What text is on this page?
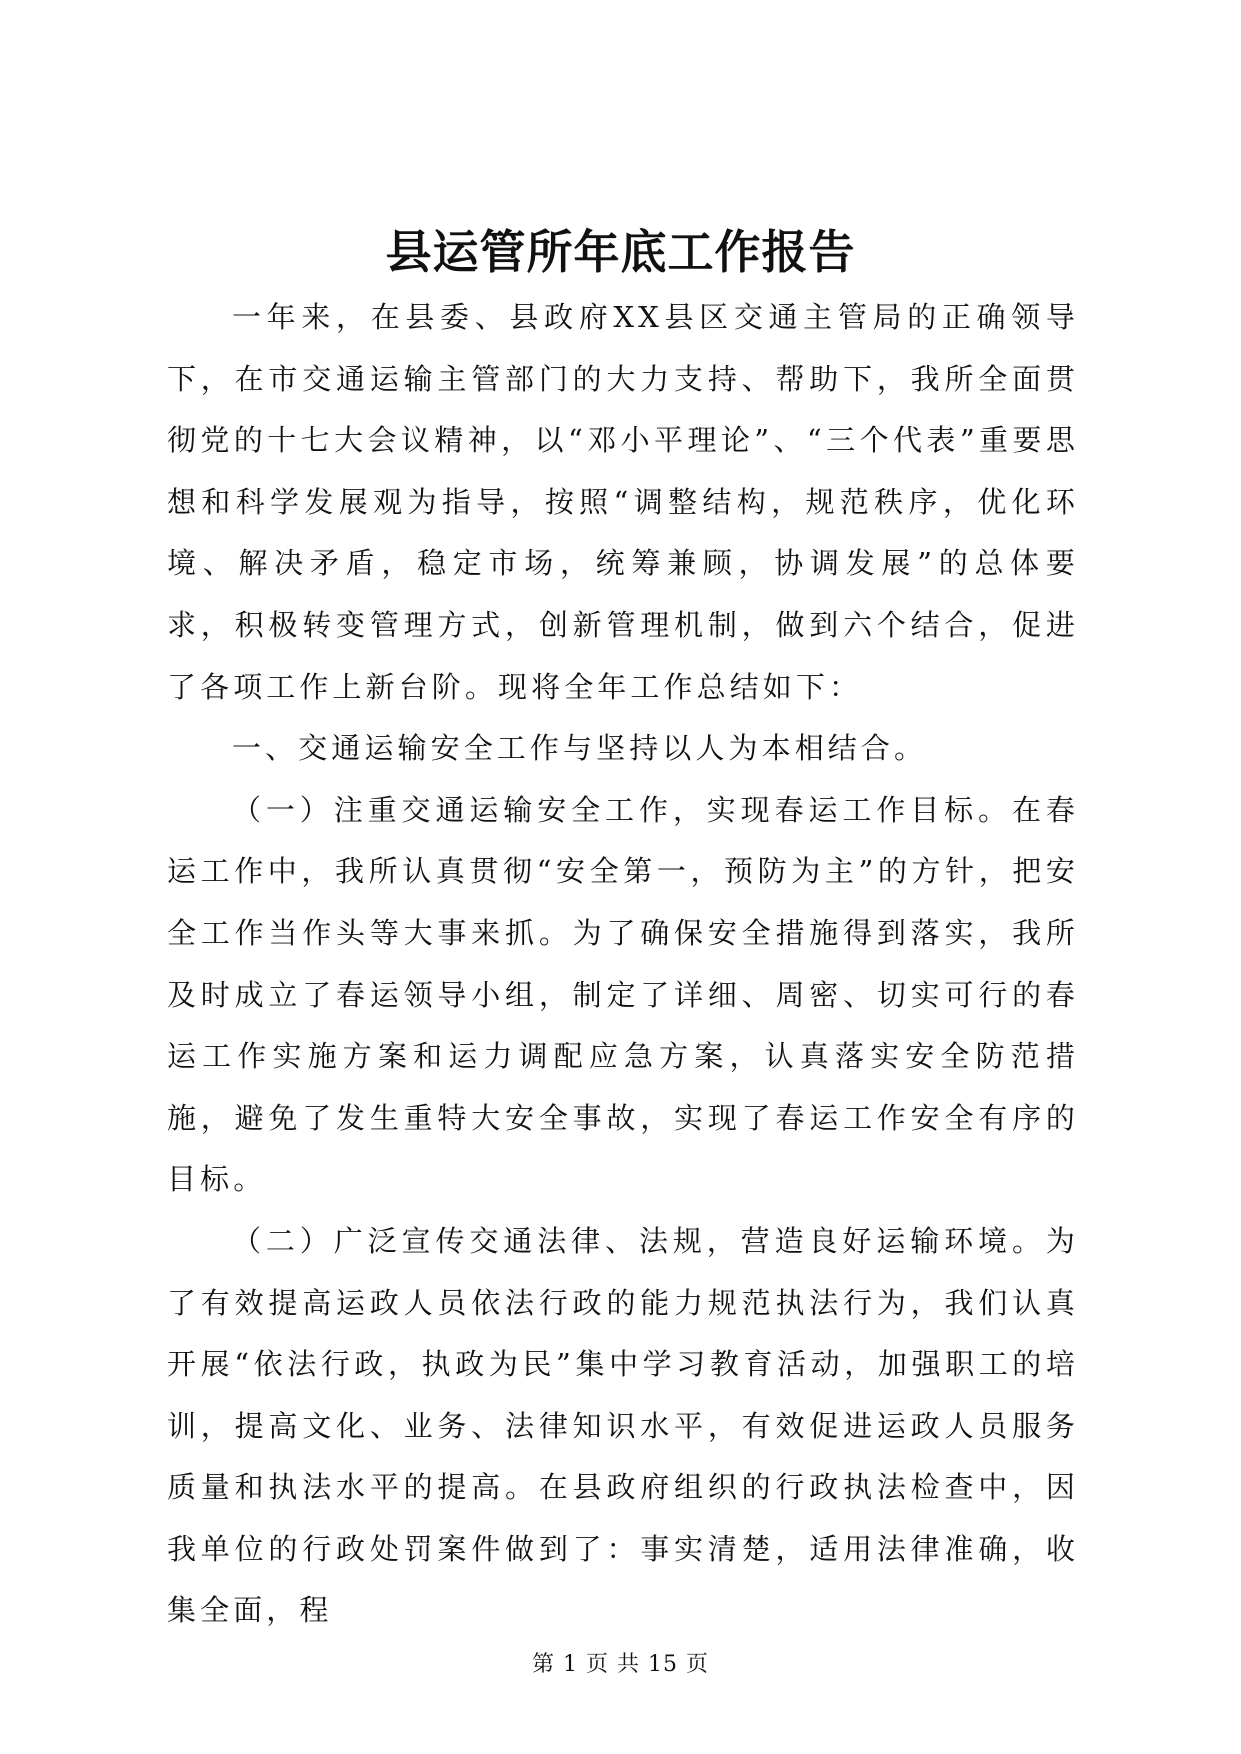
县运管所年底工作报告

一年来，在县委、县政府XX县区交通主管局的正确领导下，在市交通运输主管部门的大力支持、帮助下，我所全面贯彻党的十七大会议精神，以“邓小平理论”、“三个代表”重要思想和科学发展观为指导，按照“调整结构，规范秩序，优化环境、解决矛盾，稳定市场，统筹兼顾，协调发展”的总体要求，积极转变管理方式，创新管理机制，做到六个结合，促进了各项工作上新台阶。现将全年工作总结如下：

一、交通运输安全工作与坚持以人为本相结合。

（一）注重交通运输安全工作，实现春运工作目标。在春运工作中，我所认真贯彻“安全第一，预防为主”的方针，把安全工作当作头等大事来抓。为了确保安全措施得到落实，我所及时成立了春运领导小组，制定了详细、周密、切实可行的春运工作实施方案和运力调配应急方案，认真落实安全防范措施，避免了发生重特大安全事故，实现了春运工作安全有序的目标。

（二）广泛宣传交通法律、法规，营造良好运输环境。为了有效提高运政人员依法行政的能力规范执法行为，我们认真开展“依法行政，执政为民”集中学习教育活动，加强职工的培训，提高文化、业务、法律知识水平，有效促进运政人员服务质量和执法水平的提高。在县政府组织的行政执法检查中，因我单位的行政处罚案件做到了：事实清楚，适用法律准确，收集全面，程

第 1 页 共 15 页
